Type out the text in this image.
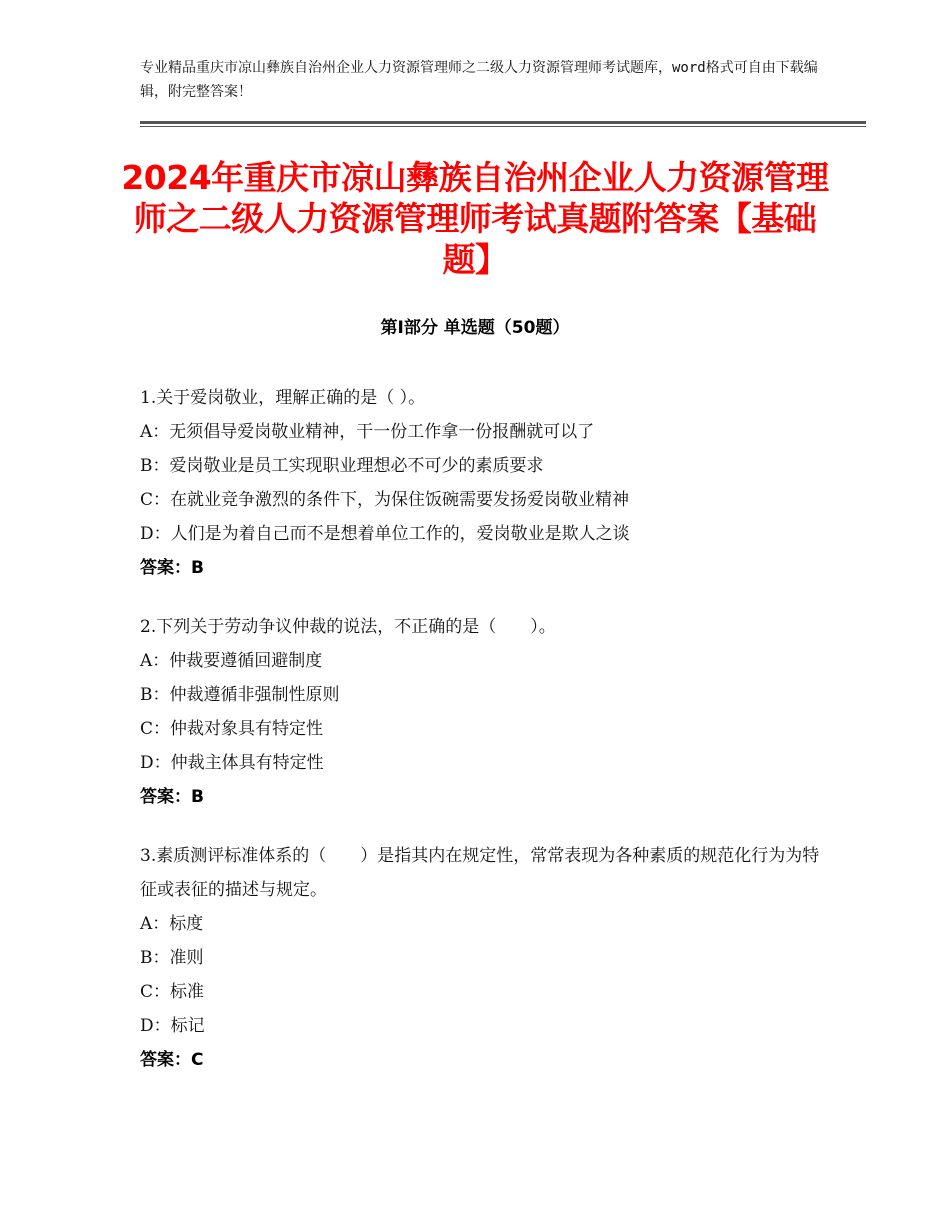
专业精品重庆市凉山彝族自治州企业人力资源管理师之二级人力资源管理师考试题库，word格式可自由下载编辑，附完整答案！
2024年重庆市凉山彝族自治州企业人力资源管理师之二级人力资源管理师考试真题附答案【基础题】
第Ⅰ部分 单选题（50题）
1.关于爱岗敬业，理解正确的是（ ）。
A：无须倡导爱岗敬业精神，干一份工作拿一份报酬就可以了
B：爱岗敬业是员工实现职业理想必不可少的素质要求
C：在就业竞争激烈的条件下，为保住饭碗需要发扬爱岗敬业精神
D：人们是为着自己而不是想着单位工作的，爱岗敬业是欺人之谈
答案：B
2.下列关于劳动争议仲裁的说法，不正确的是（　　）。
A：仲裁要遵循回避制度
B：仲裁遵循非强制性原则
C：仲裁对象具有特定性
D：仲裁主体具有特定性
答案：B
3.素质测评标准体系的（　　）是指其内在规定性，常常表现为各种素质的规范化行为为特征或表征的描述与规定。
A：标度
B：准则
C：标准
D：标记
答案：C
